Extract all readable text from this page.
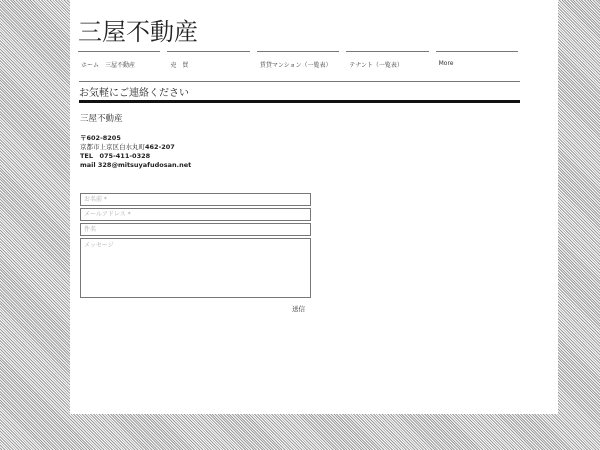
三屋不動産
ホーム　三屋不動産	売　買	賃貸マンション（一覧表）	テナント（一覧表）	More
お気軽にご連絡ください
三屋不動産
〒602-8205
京都市上京区白水丸町462-207
TEL　075-411-0328
mail 328@mitsuyafudosan.net
お名前 *
メールアドレス *
件名
メッセージ
送信
